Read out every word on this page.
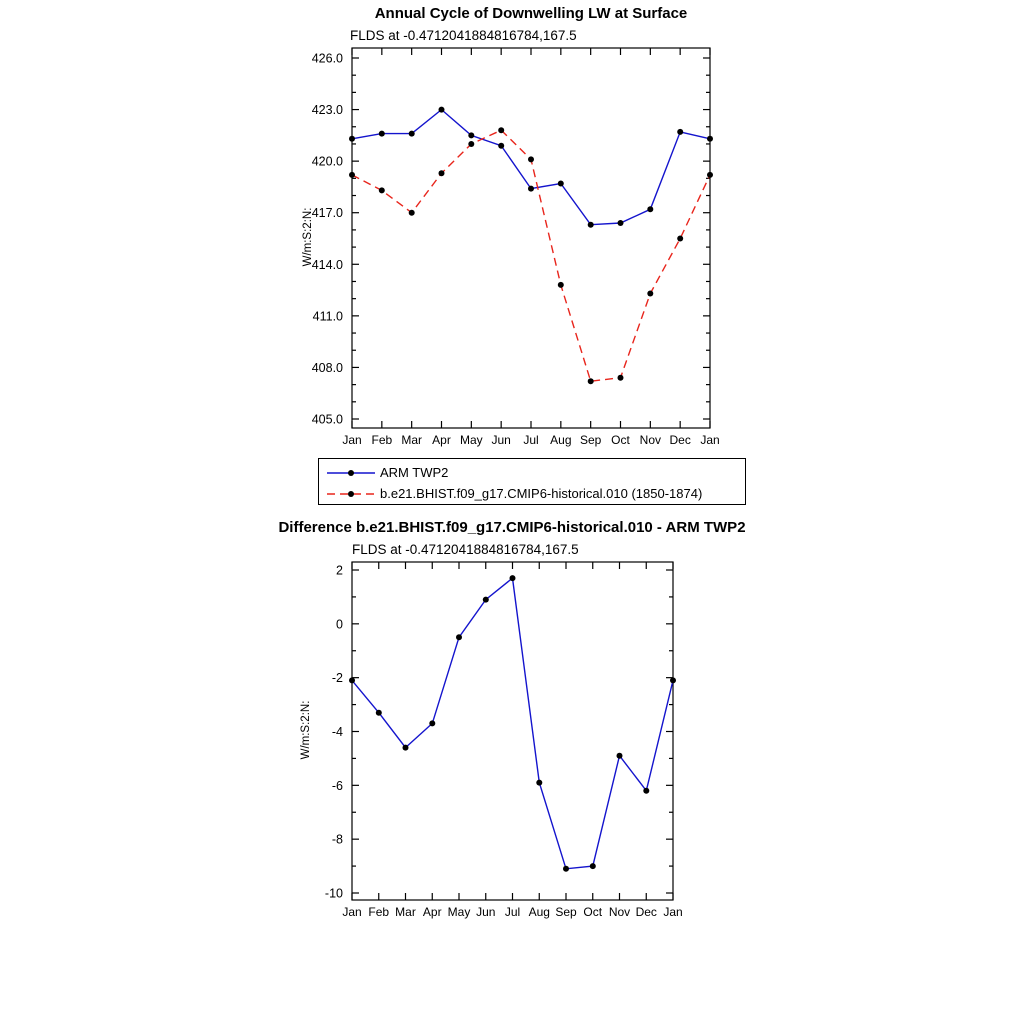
Jan Feb Mar Apr May Jun Jul Aug Sep Oct Nov Dec Jan
405.0
408.0
411.0
414.0
417.0
420.0
423.0
426.0
Jan Feb Mar Apr May Jun Jul Aug Sep Oct Nov Dec Jan
-10
-8
-6
-4
-2
0
2
Annual Cycle of Downwelling LW at Surface
FLDS at -0.4712041884816784,167.5
W/m:S:2:N:
ARM TWP2
b.e21.BHIST.f09_g17.CMIP6-historical.010 (1850-1874)
Difference b.e21.BHIST.f09_g17.CMIP6-historical.010 - ARM TWP2
FLDS at -0.4712041884816784,167.5
W/m:S:2:N:
